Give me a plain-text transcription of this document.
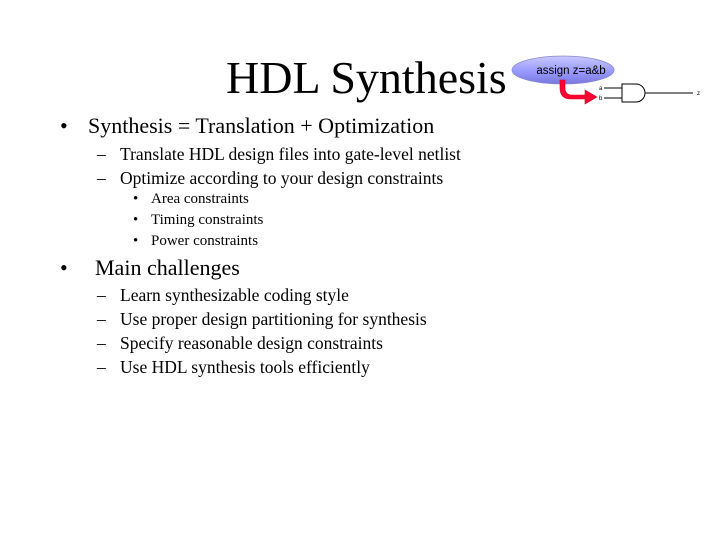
HDL Synthesis
• Synthesis = Translation + Optimization
– Translate HDL design files into gate-level netlist
– Optimize according to your design constraints
• Area constraints
• Timing constraints
• Power constraints
• Main challenges
– Learn synthesizable coding style
– Use proper design partitioning for synthesis
– Specify reasonable design constraints
– Use HDL synthesis tools efficiently
assign z=a&b
a
b
z
